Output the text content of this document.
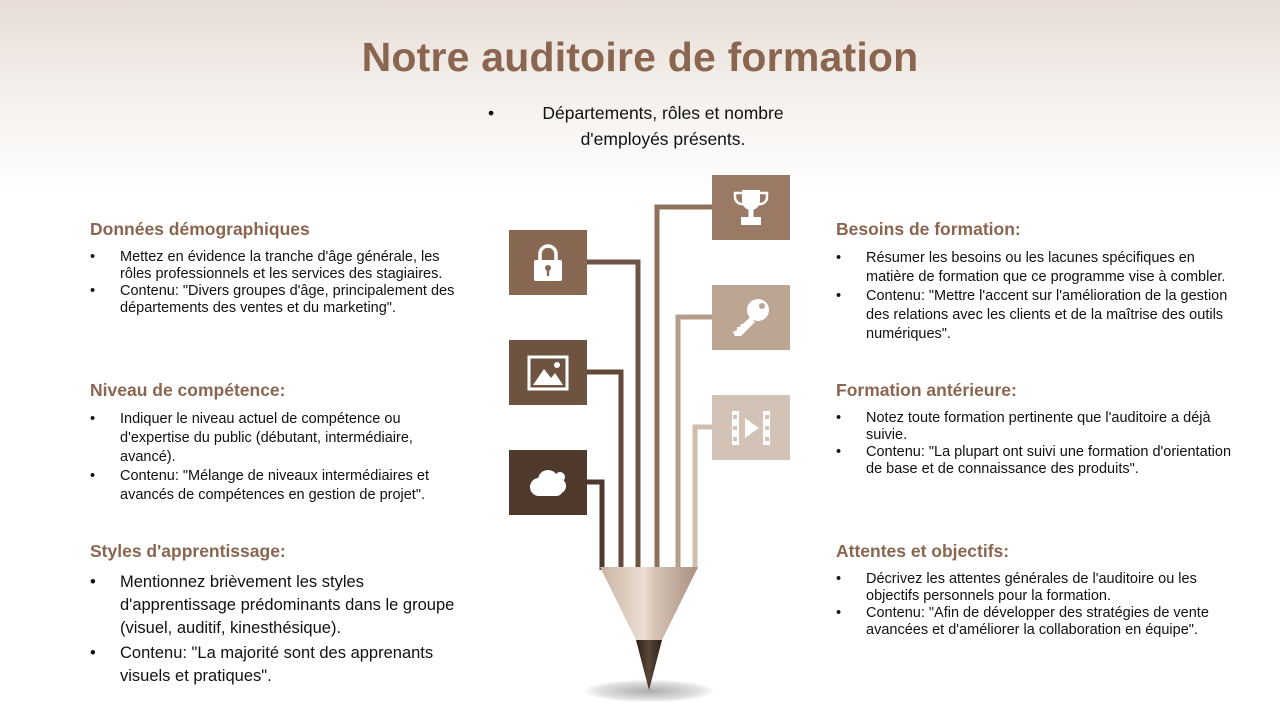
Notre auditoire de formation
•	Départements, rôles et nombre d'employés présents.
Données démographiques
• Mettez en évidence la tranche d'âge générale, les rôles professionnels et les services des stagiaires.
• Contenu: "Divers groupes d'âge, principalement des départements des ventes et du marketing".
Niveau de compétence:
• Indiquer le niveau actuel de compétence ou d'expertise du public (débutant, intermédiaire, avancé).
• Contenu: "Mélange de niveaux intermédiaires et avancés de compétences en gestion de projet".
Styles d'apprentissage:
• Mentionnez brièvement les styles d'apprentissage prédominants dans le groupe (visuel, auditif, kinesthésique).
• Contenu: "La majorité sont des apprenants visuels et pratiques".
Besoins de formation:
• Résumer les besoins ou les lacunes spécifiques en matière de formation que ce programme vise à combler.
• Contenu: "Mettre l'accent sur l'amélioration de la gestion des relations avec les clients et de la maîtrise des outils numériques".
Formation antérieure:
• Notez toute formation pertinente que l'auditoire a déjà suivie.
• Contenu: "La plupart ont suivi une formation d'orientation de base et de connaissance des produits".
Attentes et objectifs:
• Décrivez les attentes générales de l'auditoire ou les objectifs personnels pour la formation.
• Contenu: "Afin de développer des stratégies de vente avancées et d'améliorer la collaboration en équipe".
